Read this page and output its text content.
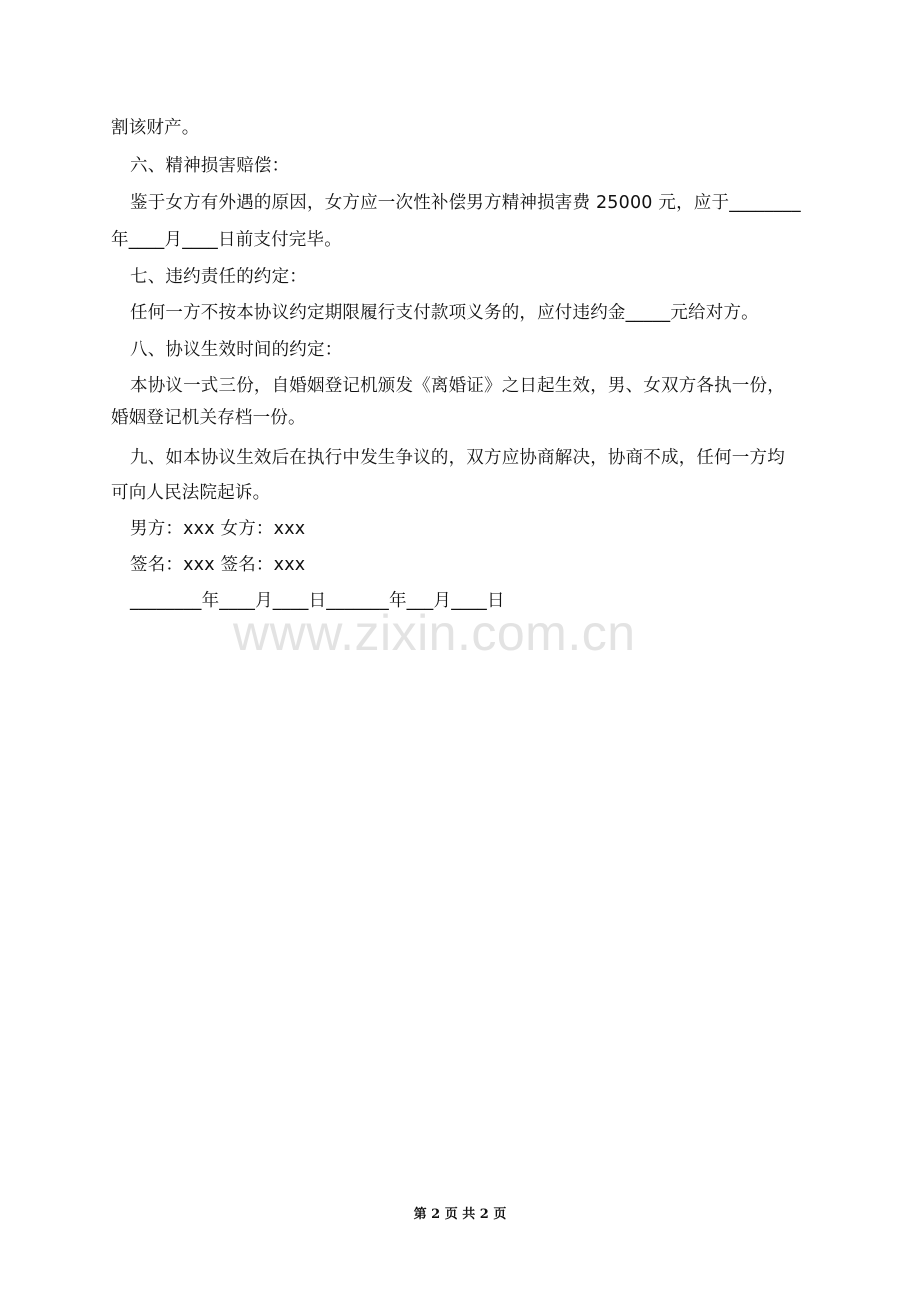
割该财产。
六、精神损害赔偿：
鉴于女方有外遇的原因，女方应一次性补偿男方精神损害费 25000 元，应于________
年____月____日前支付完毕。
七、违约责任的约定：
任何一方不按本协议约定期限履行支付款项义务的，应付违约金_____元给对方。
八、协议生效时间的约定：
本协议一式三份，自婚姻登记机颁发《离婚证》之日起生效，男、女双方各执一份，
婚姻登记机关存档一份。
九、如本协议生效后在执行中发生争议的，双方应协商解决，协商不成，任何一方均
可向人民法院起诉。
男方：xxx 女方：xxx
签名：xxx 签名：xxx
________年____月____日_______年___月____日
www.zixin.com.cn
第 2 页 共 2 页
